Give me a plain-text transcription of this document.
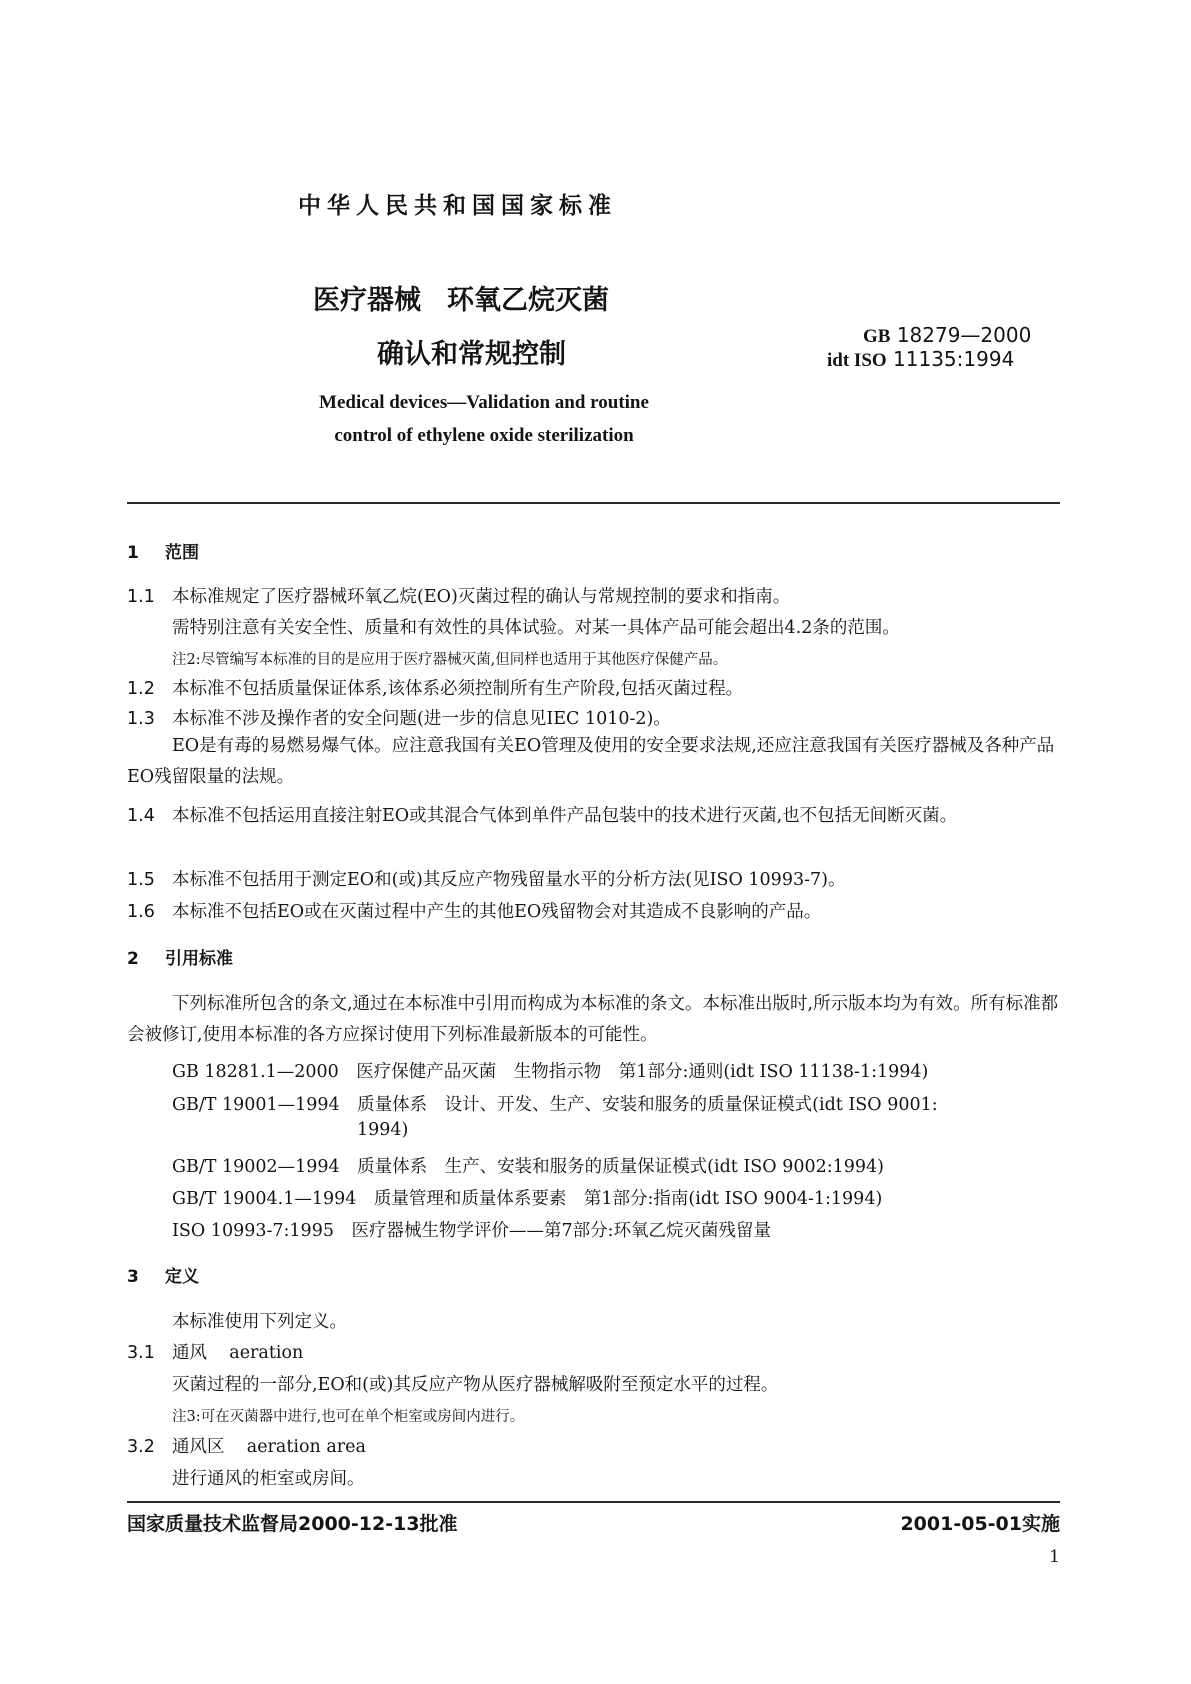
中华人民共和国国家标准
医疗器械 环氧乙烷灭菌
确认和常规控制
GB 18279—2000
idt ISO 11135:1994
Medical devices—Validation and routine control of ethylene oxide sterilization
1 范围
1.1 本标准规定了医疗器械环氧乙烷(EO)灭菌过程的确认与常规控制的要求和指南。
需特别注意有关安全性、质量和有效性的具体试验。对某一具体产品可能会超出4.2条的范围。
注2:尽管编写本标准的目的是应用于医疗器械灭菌,但同样也适用于其他医疗保健产品。
1.2 本标准不包括质量保证体系,该体系必须控制所有生产阶段,包括灭菌过程。
1.3 本标准不涉及操作者的安全问题(进一步的信息见IEC 1010-2)。
EO是有毒的易燃易爆气体。应注意我国有关EO管理及使用的安全要求法规,还应注意我国有关医疗器械及各种产品EO残留限量的法规。
1.4 本标准不包括运用直接注射EO或其混合气体到单件产品包装中的技术进行灭菌,也不包括无间断灭菌。
1.5 本标准不包括用于测定EO和(或)其反应产物残留量水平的分析方法(见ISO 10993-7)。
1.6 本标准不包括EO或在灭菌过程中产生的其他EO残留物会对其造成不良影响的产品。
2 引用标准
下列标准所包含的条文,通过在本标准中引用而构成为本标准的条文。本标准出版时,所示版本均为有效。所有标准都会被修订,使用本标准的各方应探讨使用下列标准最新版本的可能性。
GB 18281.1—2000　医疗保健产品灭菌　生物指示物　第1部分:通则(idt ISO 11138-1:1994)
GB/T 19001—1994　质量体系　设计、开发、生产、安装和服务的质量保证模式(idt ISO 9001:
1994)
GB/T 19002—1994　质量体系　生产、安装和服务的质量保证模式(idt ISO 9002:1994)
GB/T 19004.1—1994　质量管理和质量体系要素　第1部分:指南(idt ISO 9004-1:1994)
ISO 10993-7:1995　医疗器械生物学评价——第7部分:环氧乙烷灭菌残留量
3 定义
本标准使用下列定义。
3.1 通风 aeration
灭菌过程的一部分,EO和(或)其反应产物从医疗器械解吸附至预定水平的过程。
注3:可在灭菌器中进行,也可在单个柜室或房间内进行。
3.2 通风区 aeration area
进行通风的柜室或房间。
国家质量技术监督局2000-12-13批准	2001-05-01实施
1
